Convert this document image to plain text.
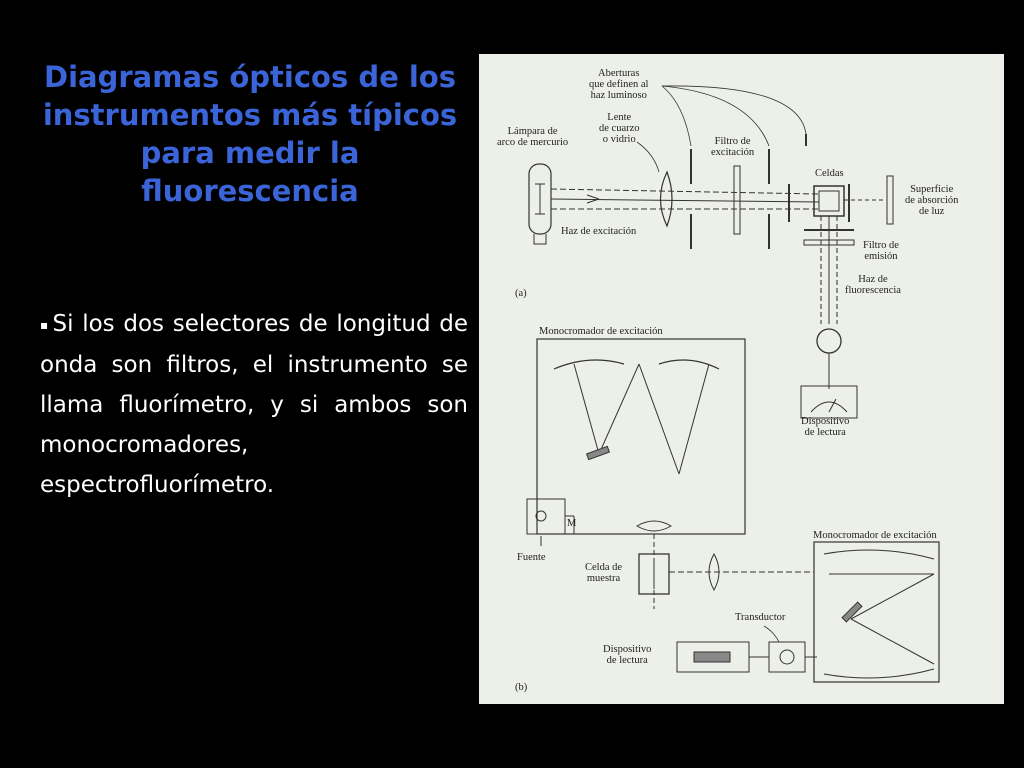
Diagramas ópticos de los instrumentos más típicos para medir la fluorescencia
▪ Si los dos selectores de longitud de onda son filtros, el instrumento se llama fluorímetro, y si ambos son monocromadores, espectrofluorímetro.
Aberturas
que definen al
haz luminoso
Lámpara de
arco de mercurio
Lente
de cuarzo
o vidrio	Filtro de
excitación
Celdas
Superficie
de absorción
de luz
Haz de excitación
Filtro de
emisión
Haz de
fluorescencia
(a)
Monocromador de excitación
Dispositivo
de lectura
M
Fuente
Celda de
muestra
Monocromador de excitación
Transductor
Dispositivo
de lectura
(b)
